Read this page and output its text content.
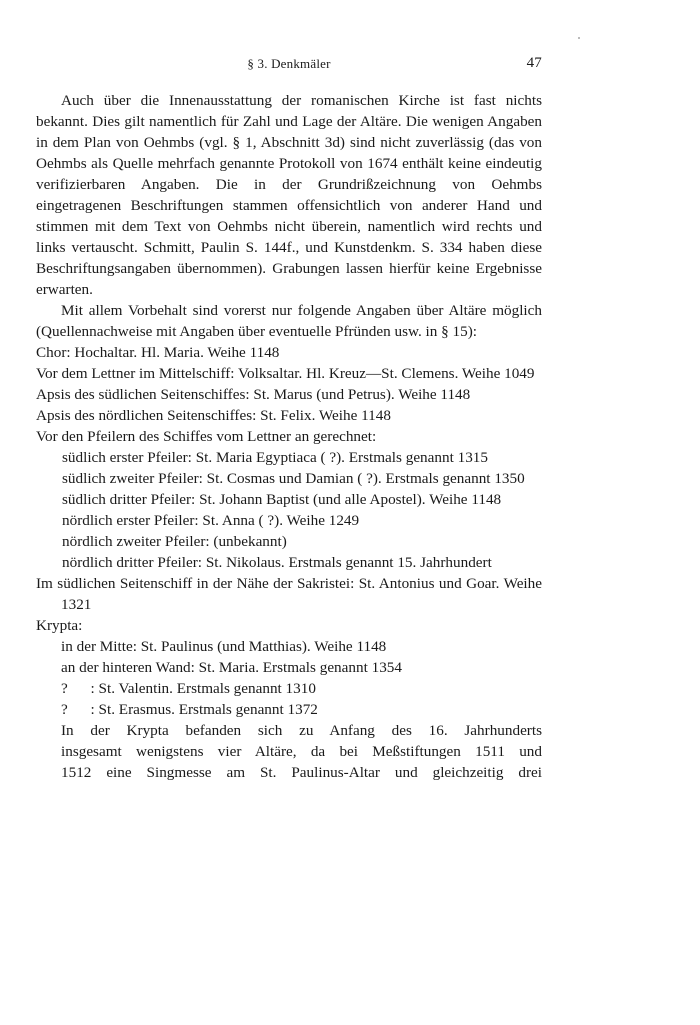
§ 3. Denkmäler	47

Auch über die Innenausstattung der romanischen Kirche ist fast nichts bekannt. Dies gilt namentlich für Zahl und Lage der Altäre. Die wenigen Angaben in dem Plan von Oehmbs (vgl. § 1, Abschnitt 3d) sind nicht zuverlässig (das von Oehmbs als Quelle mehrfach genannte Protokoll von 1674 enthält keine eindeutig verifizierbaren Angaben. Die in der Grundrißzeichnung von Oehmbs eingetragenen Beschriftungen stammen offensichtlich von anderer Hand und stimmen mit dem Text von Oehmbs nicht überein, namentlich wird rechts und links vertauscht. Schmitt, Paulin S. 144f., und Kunstdenkm. S. 334 haben diese Beschriftungsangaben übernommen). Grabungen lassen hierfür keine Ergebnisse erwarten.

Mit allem Vorbehalt sind vorerst nur folgende Angaben über Altäre möglich (Quellennachweise mit Angaben über eventuelle Pfründen usw. in § 15):

Chor: Hochaltar. Hl. Maria. Weihe 1148

Vor dem Lettner im Mittelschiff: Volksaltar. Hl. Kreuz—St. Clemens. Weihe 1049

Apsis des südlichen Seitenschiffes: St. Marus (und Petrus). Weihe 1148

Apsis des nördlichen Seitenschiffes: St. Felix. Weihe 1148

Vor den Pfeilern des Schiffes vom Lettner an gerechnet:

südlich erster Pfeiler: St. Maria Egyptiaca ( ?). Erstmals genannt 1315

südlich zweiter Pfeiler: St. Cosmas und Damian ( ?). Erstmals genannt 1350

südlich dritter Pfeiler: St. Johann Baptist (und alle Apostel). Weihe 1148

nördlich erster Pfeiler: St. Anna ( ?). Weihe 1249

nördlich zweiter Pfeiler: (unbekannt)

nördlich dritter Pfeiler: St. Nikolaus. Erstmals genannt 15. Jahrhundert

Im südlichen Seitenschiff in der Nähe der Sakristei: St. Antonius und Goar. Weihe 1321

Krypta:

in der Mitte: St. Paulinus (und Matthias). Weihe 1148

an der hinteren Wand: St. Maria. Erstmals genannt 1354

?      : St. Valentin. Erstmals genannt 1310

?      : St. Erasmus. Erstmals genannt 1372

In der Krypta befanden sich zu Anfang des 16. Jahrhunderts

insgesamt wenigstens vier Altäre, da bei Meßstiftungen 1511 und

1512 eine Singmesse am St. Paulinus-Altar und gleichzeitig drei
